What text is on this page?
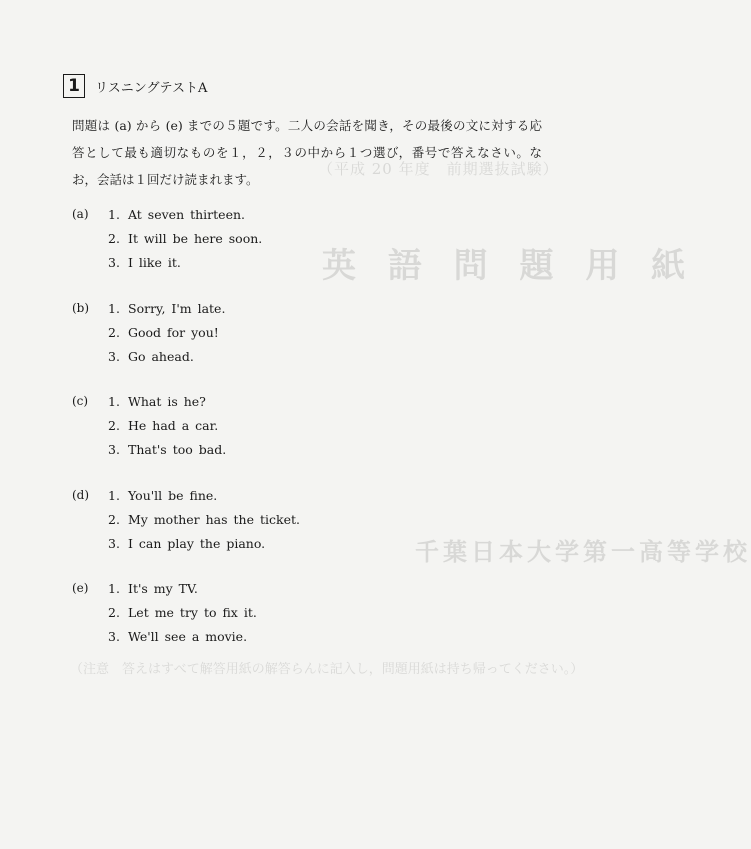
（平成 20 年度　前期選抜試験）
英 語 問 題 用 紙
千葉日本大学第一高等学校
（注意　答えはすべて解答用紙の解答らんに記入し，問題用紙は持ち帰ってください。）
1	リスニングテストA
問題は (a) から (e) までの５題です。二人の会話を聞き，その最後の文に対する応答として最も適切なものを１，２，３の中から１つ選び，番号で答えなさい。なお，会話は１回だけ読まれます。
(a) 1. At seven thirteen.
2. It will be here soon.
3. I like it.
(b) 1. Sorry, I'm late.
2. Good for you!
3. Go ahead.
(c) 1. What is he?
2. He had a car.
3. That's too bad.
(d) 1. You'll be fine.
2. My mother has the ticket.
3. I can play the piano.
(e) 1. It's my TV.
2. Let me try to fix it.
3. We'll see a movie.
